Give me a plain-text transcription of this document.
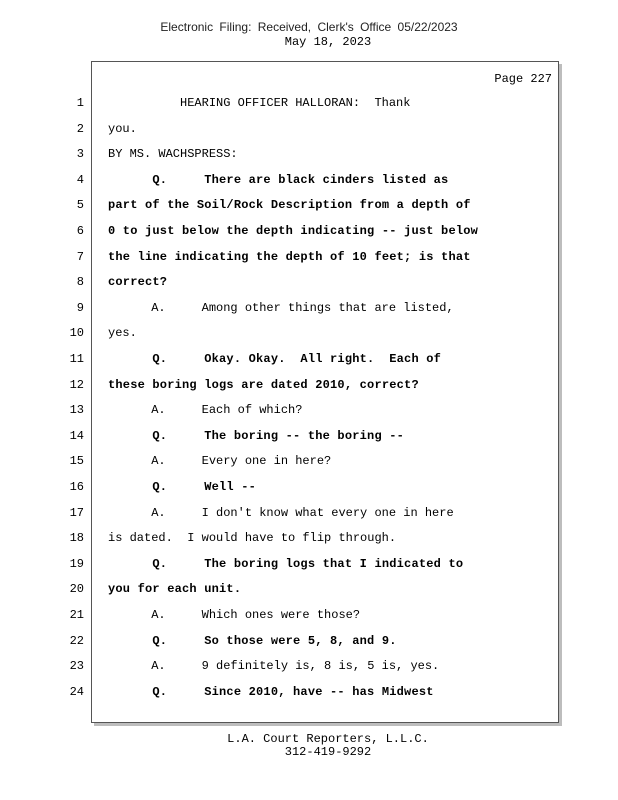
Electronic Filing: Received, Clerk's Office 05/22/2023
May 18, 2023
Page 227
1 HEARING OFFICER HALLORAN:  Thank
2 you.
3 BY MS. WACHSPRESS:
4 Q.     There are black cinders listed as
5 part of the Soil/Rock Description from a depth of
6 0 to just below the depth indicating -- just below
7 the line indicating the depth of 10 feet; is that
8 correct?
9 A.     Among other things that are listed,
10 yes.
11 Q.     Okay. Okay.  All right.  Each of
12 these boring logs are dated 2010, correct?
13 A.     Each of which?
14 Q.     The boring -- the boring --
15 A.     Every one in here?
16 Q.     Well --
17 A.     I don't know what every one in here
18 is dated.  I would have to flip through.
19 Q.     The boring logs that I indicated to
20 you for each unit.
21 A.     Which ones were those?
22 Q.     So those were 5, 8, and 9.
23 A.     9 definitely is, 8 is, 5 is, yes.
24 Q.     Since 2010, have -- has Midwest
L.A. Court Reporters, L.L.C.
312-419-9292
